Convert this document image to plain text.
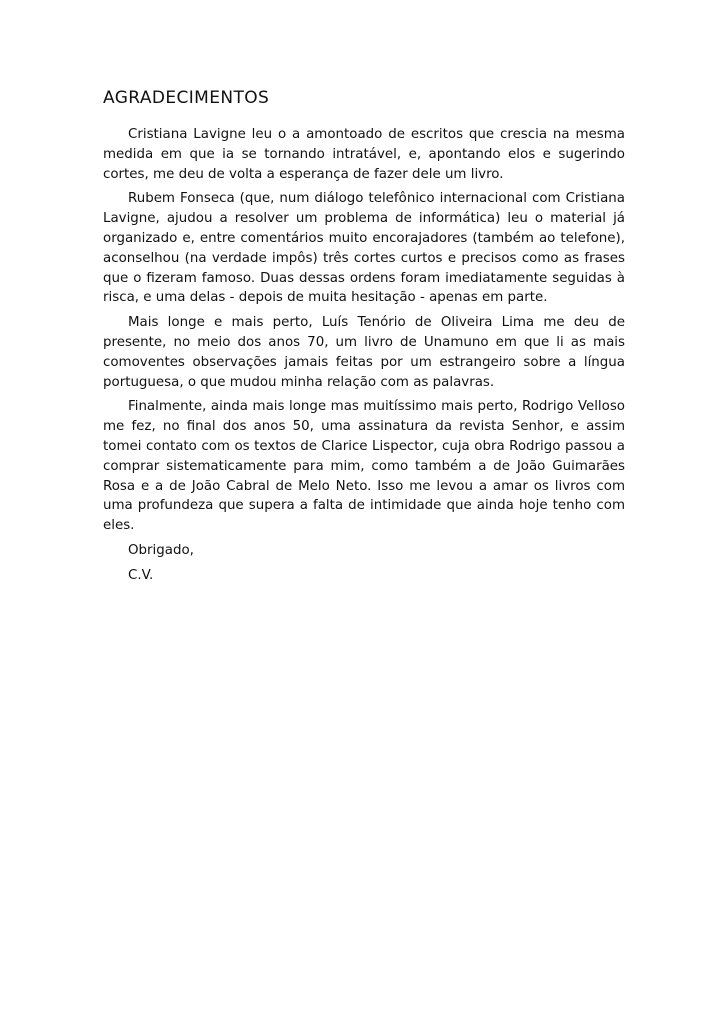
AGRADECIMENTOS

Cristiana Lavigne leu o a amontoado de escritos que crescia na mesma medida em que ia se tornando intratável, e, apontando elos e sugerindo cortes, me deu de volta a esperança de fazer dele um livro.

Rubem Fonseca (que, num diálogo telefônico internacional com Cristiana Lavigne, ajudou a resolver um problema de informática) leu o material já organizado e, entre comentários muito encorajadores (também ao telefone), aconselhou (na verdade impôs) três cortes curtos e precisos como as frases que o fizeram famoso. Duas dessas ordens foram imediatamente seguidas à risca, e uma delas - depois de muita hesitação - apenas em parte.

Mais longe e mais perto, Luís Tenório de Oliveira Lima me deu de presente, no meio dos anos 70, um livro de Unamuno em que li as mais comoventes observações jamais feitas por um estrangeiro sobre a língua portuguesa, o que mudou minha relação com as palavras.

Finalmente, ainda mais longe mas muitíssimo mais perto, Rodrigo Velloso me fez, no final dos anos 50, uma assinatura da revista Senhor, e assim tomei contato com os textos de Clarice Lispector, cuja obra Rodrigo passou a comprar sistematicamente para mim, como também a de João Guimarães Rosa e a de João Cabral de Melo Neto. Isso me levou a amar os livros com uma profundeza que supera a falta de intimidade que ainda hoje tenho com eles.

Obrigado,

C.V.
